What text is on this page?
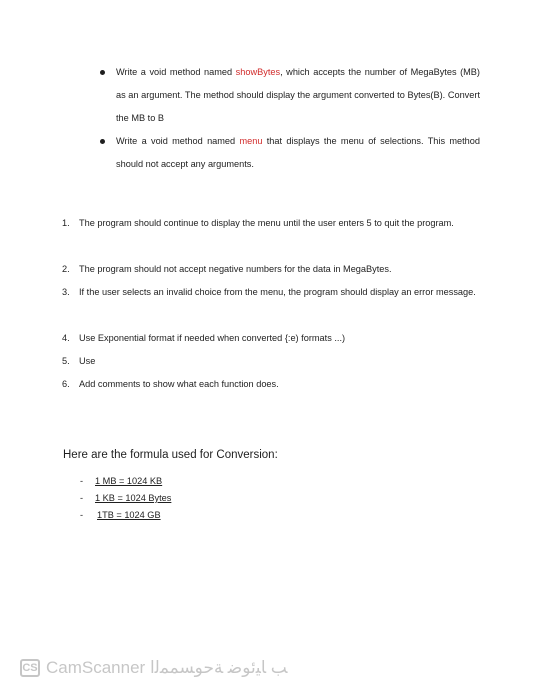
Write a void method named showBytes, which accepts the number of MegaBytes (MB) as an argument. The method should display the argument converted to Bytes(B). Convert the MB to B
Write a void method named menu that displays the menu of selections. This method should not accept any arguments.
1.	The program should continue to display the menu until the user enters 5 to quit the program.
2.	The program should not accept negative numbers for the data in MegaBytes.
3.	If the user selects an invalid choice from the menu, the program should display an error message.
4.	Use Exponential format if needed when converted {:e) formats ...)
5.	Use
6.	Add comments to show what each function does.
Here are the formula used for Conversion:
-	1 MB = 1024 KB
-	1 KB = 1024 Bytes
-	1TB = 1024 GB
CS CamScanner ﺐ ﺎﻴﺋﻮﺿ ﺔﺣﻮﺴﻤﻤﻟا
